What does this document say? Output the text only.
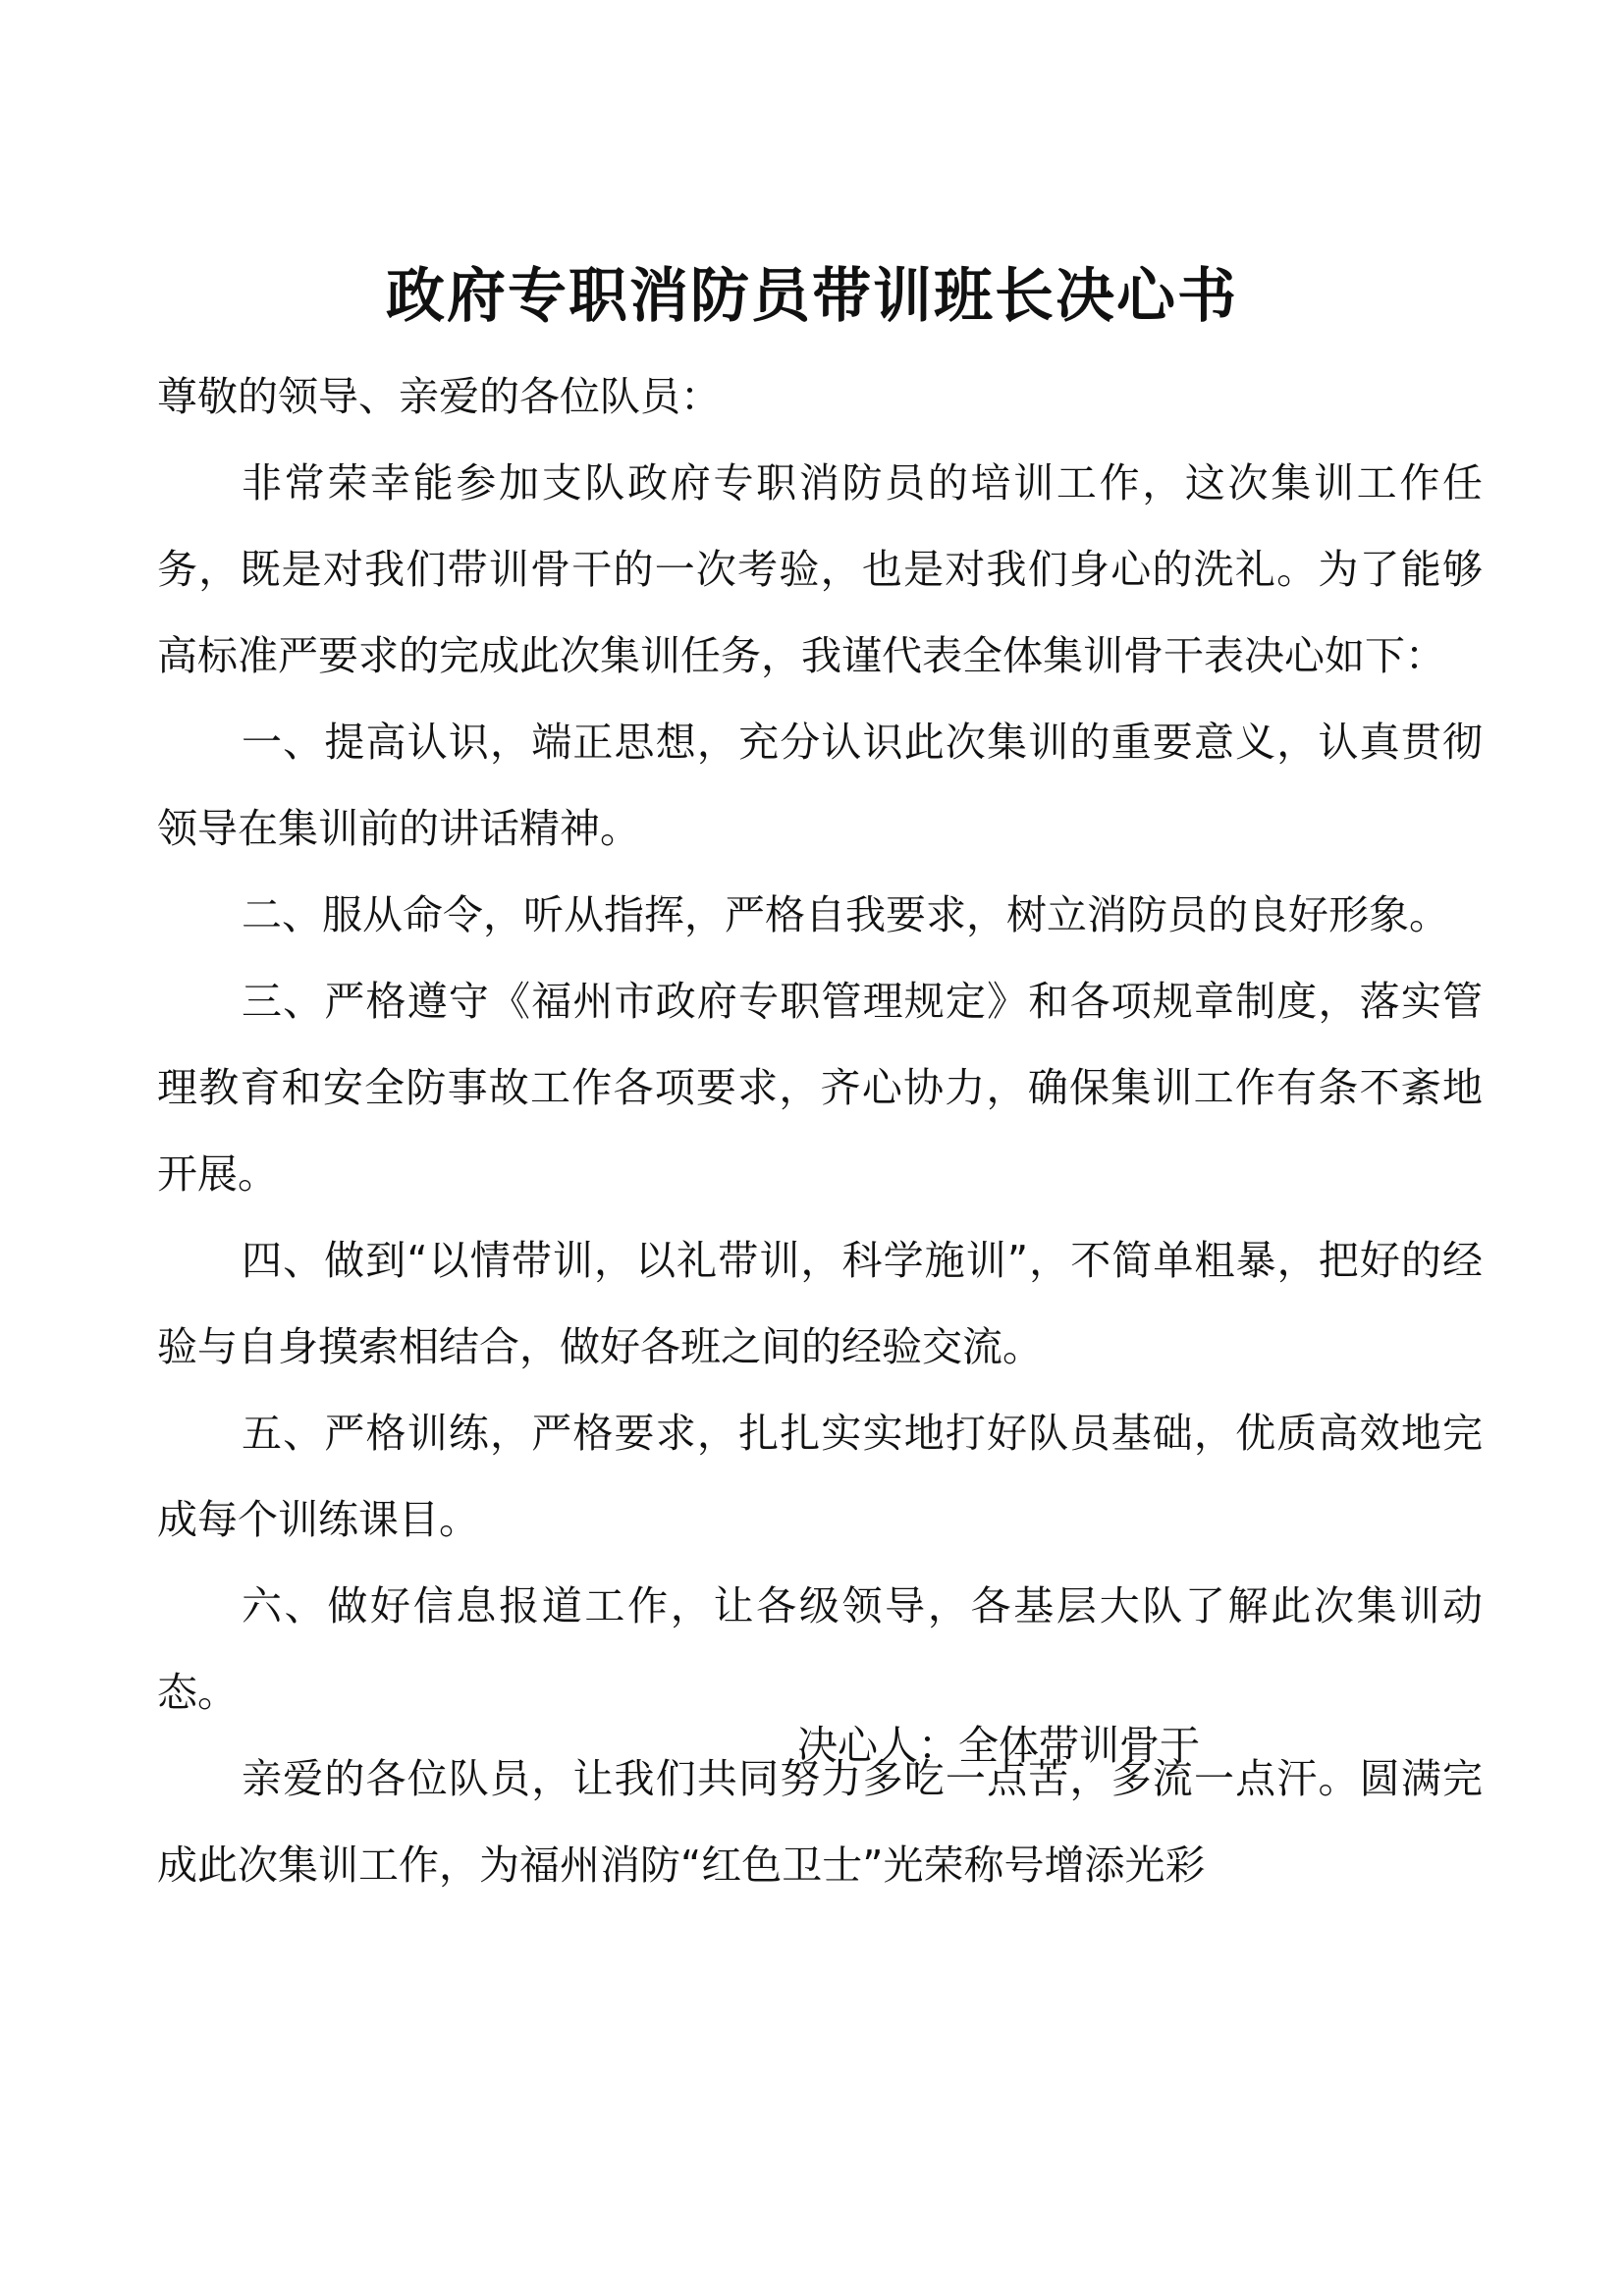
政府专职消防员带训班长决心书

尊敬的领导、亲爱的各位队员：

非常荣幸能参加支队政府专职消防员的培训工作，这次集训工作任务，既是对我们带训骨干的一次考验，也是对我们身心的洗礼。为了能够高标准严要求的完成此次集训任务，我谨代表全体集训骨干表决心如下：

一、提高认识，端正思想，充分认识此次集训的重要意义，认真贯彻领导在集训前的讲话精神。

二、服从命令，听从指挥，严格自我要求，树立消防员的良好形象。

三、严格遵守《福州市政府专职管理规定》和各项规章制度，落实管理教育和安全防事故工作各项要求，齐心协力，确保集训工作有条不紊地开展。

四、做到“以情带训，以礼带训，科学施训”，不简单粗暴，把好的经验与自身摸索相结合，做好各班之间的经验交流。

五、严格训练，严格要求，扎扎实实地打好队员基础，优质高效地完成每个训练课目。

六、做好信息报道工作，让各级领导，各基层大队了解此次集训动态。

亲爱的各位队员，让我们共同努力多吃一点苦，多流一点汗。圆满完成此次集训工作，为福州消防“红色卫士”光荣称号增添光彩

决心人：全体带训骨干
